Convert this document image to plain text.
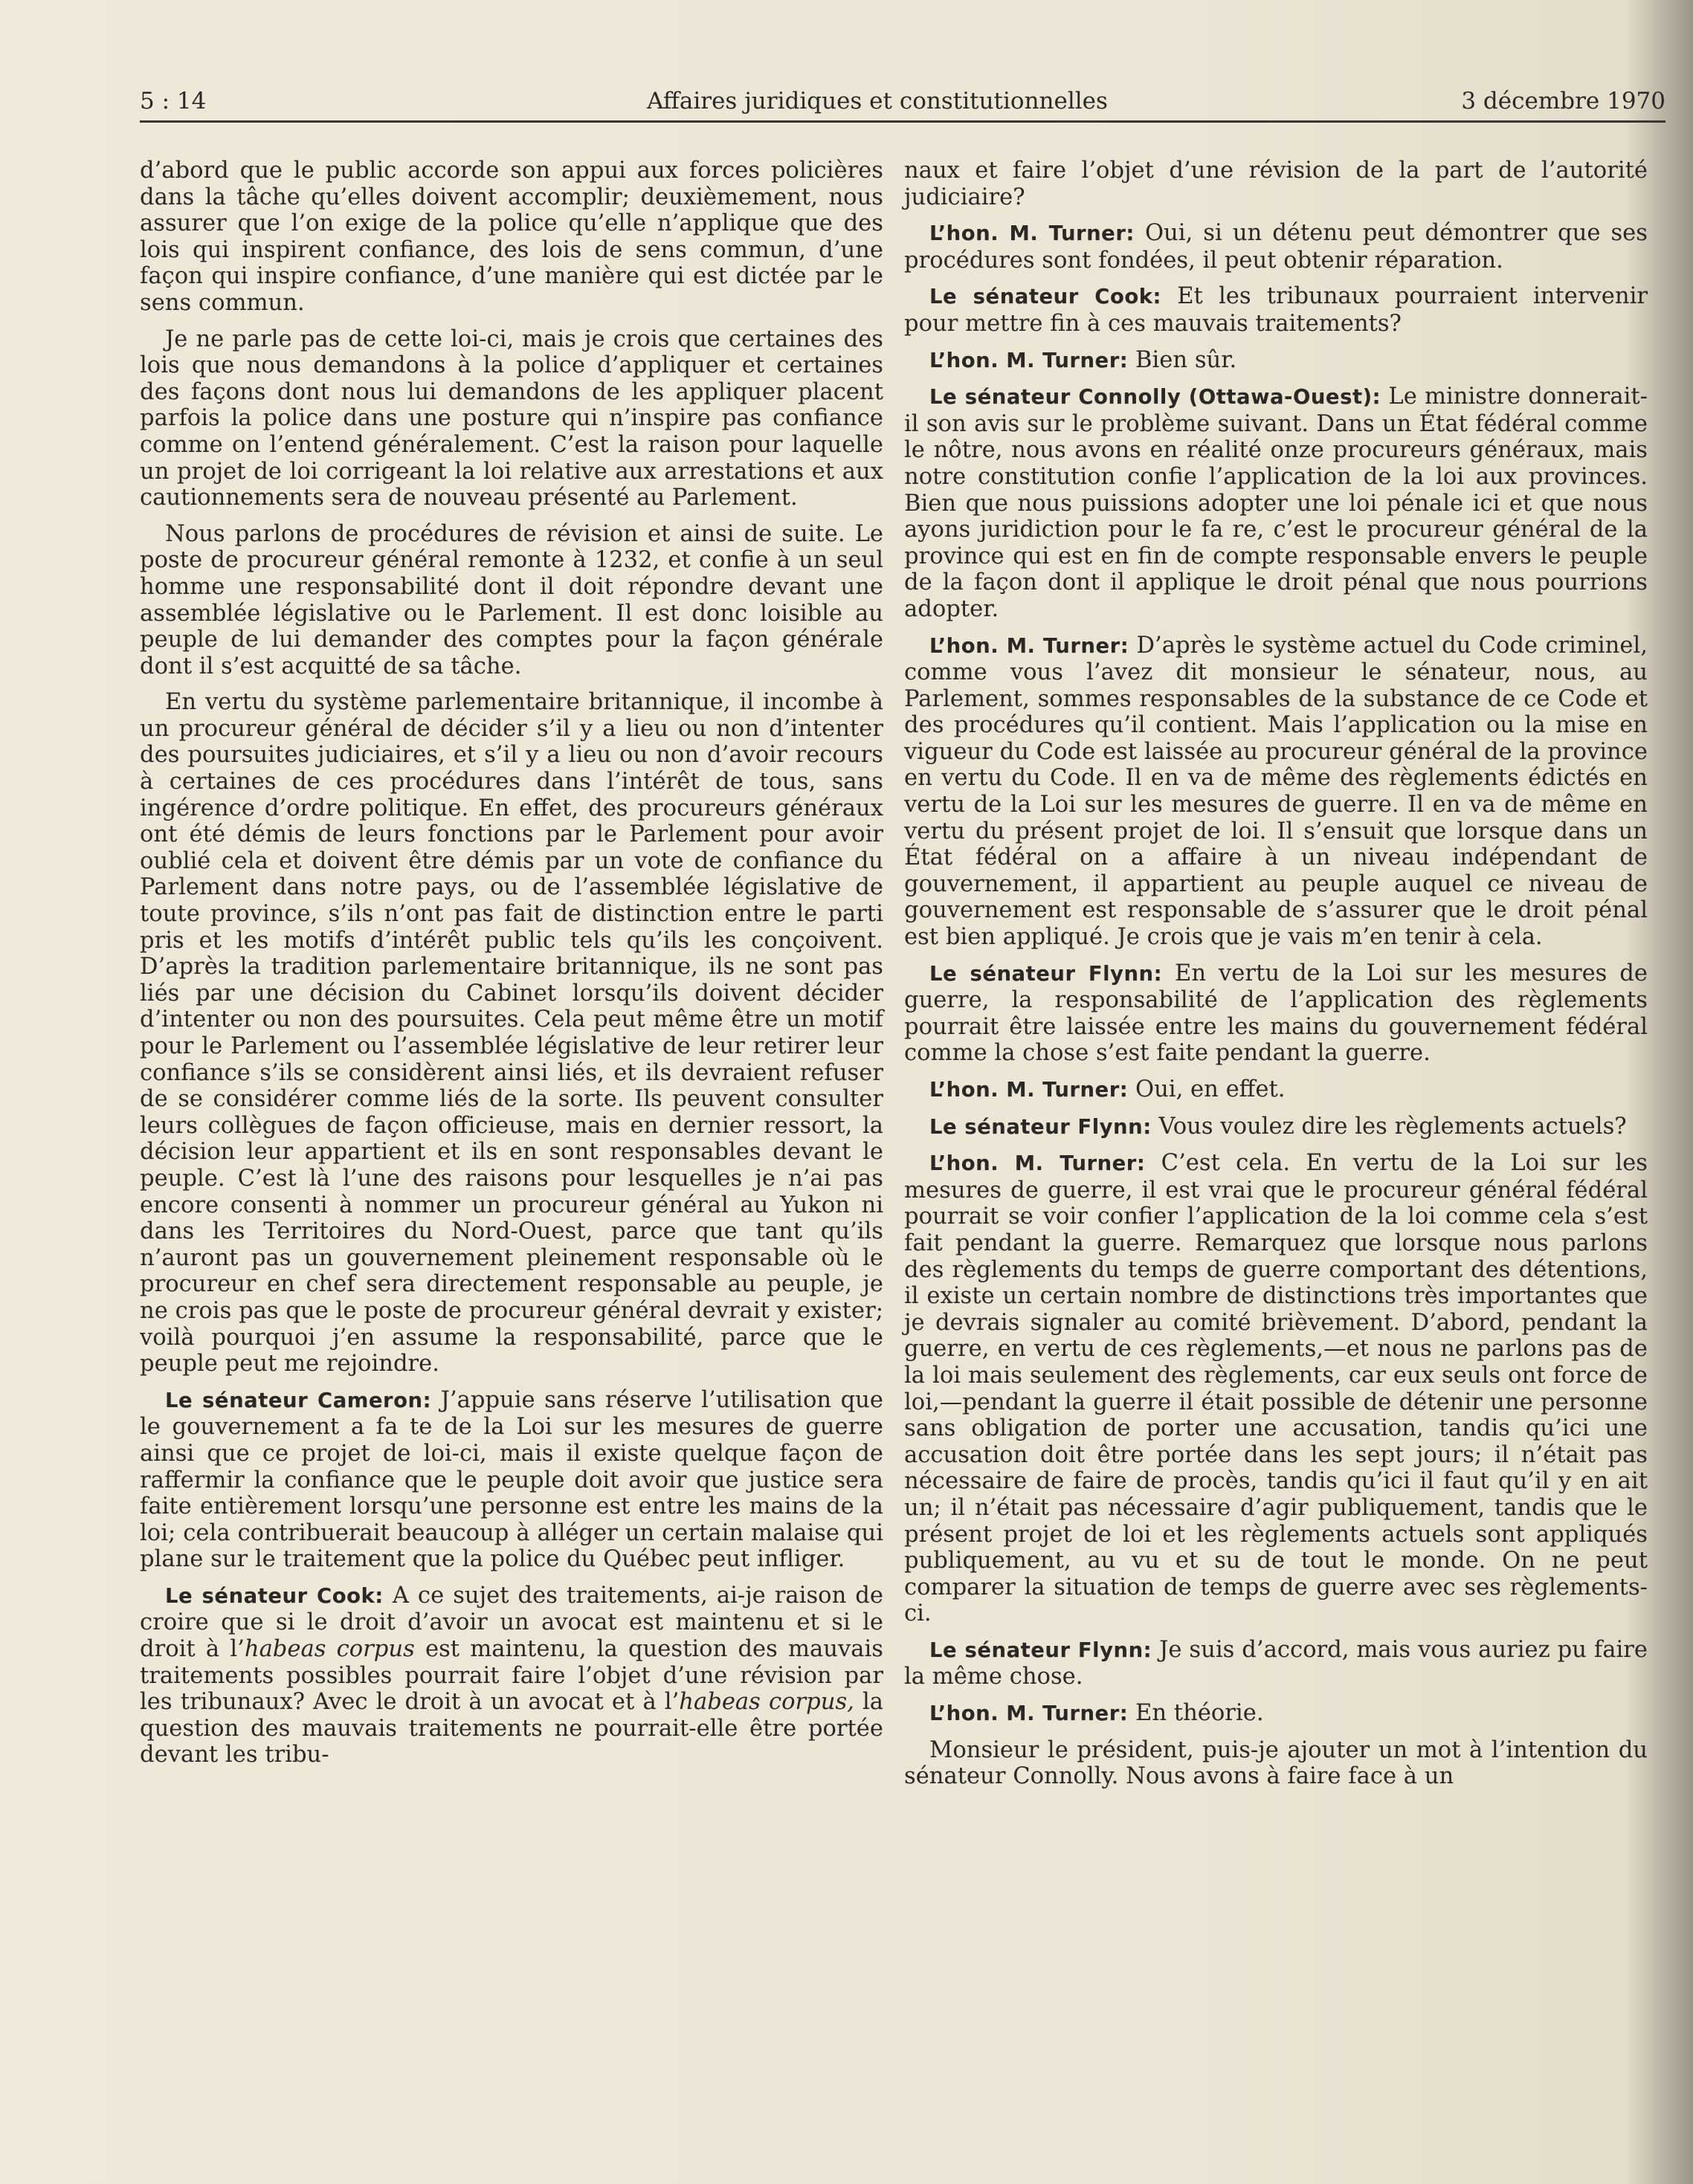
5 : 14	Affaires juridiques et constitutionnelles	3 décembre 1970

d’abord que le public accorde son appui aux forces policières dans la tâche qu’elles doivent accomplir; deuxièmement, nous assurer que l’on exige de la police qu’elle n’applique que des lois qui inspirent confiance, des lois de sens commun, d’une façon qui inspire confiance, d’une manière qui est dictée par le sens commun.

Je ne parle pas de cette loi-ci, mais je crois que certaines des lois que nous demandons à la police d’appliquer et certaines des façons dont nous lui demandons de les appliquer placent parfois la police dans une posture qui n’inspire pas confiance comme on l’entend généralement. C’est la raison pour laquelle un projet de loi corrigeant la loi relative aux arrestations et aux cautionnements sera de nouveau présenté au Parlement.

Nous parlons de procédures de révision et ainsi de suite. Le poste de procureur général remonte à 1232, et confie à un seul homme une responsabilité dont il doit répondre devant une assemblée législative ou le Parlement. Il est donc loisible au peuple de lui demander des comptes pour la façon générale dont il s’est acquitté de sa tâche.

En vertu du système parlementaire britannique, il incombe à un procureur général de décider s’il y a lieu ou non d’intenter des poursuites judiciaires, et s’il y a lieu ou non d’avoir recours à certaines de ces procédures dans l’intérêt de tous, sans ingérence d’ordre politique. En effet, des procureurs généraux ont été démis de leurs fonctions par le Parlement pour avoir oublié cela et doivent être démis par un vote de confiance du Parlement dans notre pays, ou de l’assemblée législative de toute province, s’ils n’ont pas fait de distinction entre le parti pris et les motifs d’intérêt public tels qu’ils les conçoivent. D’après la tradition parlementaire britannique, ils ne sont pas liés par une décision du Cabinet lorsqu’ils doivent décider d’intenter ou non des poursuites. Cela peut même être un motif pour le Parlement ou l’assemblée législative de leur retirer leur confiance s’ils se considèrent ainsi liés, et ils devraient refuser de se considérer comme liés de la sorte. Ils peuvent consulter leurs collègues de façon officieuse, mais en dernier ressort, la décision leur appartient et ils en sont responsables devant le peuple. C’est là l’une des raisons pour lesquelles je n’ai pas encore consenti à nommer un procureur général au Yukon ni dans les Territoires du Nord-Ouest, parce que tant qu’ils n’auront pas un gouvernement pleinement responsable où le procureur en chef sera directement responsable au peuple, je ne crois pas que le poste de procureur général devrait y exister; voilà pourquoi j’en assume la responsabilité, parce que le peuple peut me rejoindre.

Le sénateur Cameron: J’appuie sans réserve l’utilisation que le gouvernement a fa te de la Loi sur les mesures de guerre ainsi que ce projet de loi-ci, mais il existe quelque façon de raffermir la confiance que le peuple doit avoir que justice sera faite entièrement lorsqu’une personne est entre les mains de la loi; cela contribuerait beaucoup à alléger un certain malaise qui plane sur le traitement que la police du Québec peut infliger.

Le sénateur Cook: A ce sujet des traitements, ai-je raison de croire que si le droit d’avoir un avocat est maintenu et si le droit à l’habeas corpus est maintenu, la question des mauvais traitements possibles pourrait faire l’objet d’une révision par les tribunaux? Avec le droit à un avocat et à l’habeas corpus, la question des mauvais traitements ne pourrait-elle être portée devant les tribu-

naux et faire l’objet d’une révision de la part de l’autorité judiciaire?

L’hon. M. Turner: Oui, si un détenu peut démontrer que ses procédures sont fondées, il peut obtenir réparation.

Le sénateur Cook: Et les tribunaux pourraient intervenir pour mettre fin à ces mauvais traitements?

L’hon. M. Turner: Bien sûr.

Le sénateur Connolly (Ottawa-Ouest): Le ministre donnerait-il son avis sur le problème suivant. Dans un État fédéral comme le nôtre, nous avons en réalité onze procureurs généraux, mais notre constitution confie l’application de la loi aux provinces. Bien que nous puissions adopter une loi pénale ici et que nous ayons juridiction pour le fa re, c’est le procureur général de la province qui est en fin de compte responsable envers le peuple de la façon dont il applique le droit pénal que nous pourrions adopter.

L’hon. M. Turner: D’après le système actuel du Code criminel, comme vous l’avez dit monsieur le sénateur, nous, au Parlement, sommes responsables de la substance de ce Code et des procédures qu’il contient. Mais l’application ou la mise en vigueur du Code est laissée au procureur général de la province en vertu du Code. Il en va de même des règlements édictés en vertu de la Loi sur les mesures de guerre. Il en va de même en vertu du présent projet de loi. Il s’ensuit que lorsque dans un État fédéral on a affaire à un niveau indépendant de gouvernement, il appartient au peuple auquel ce niveau de gouvernement est responsable de s’assurer que le droit pénal est bien appliqué. Je crois que je vais m’en tenir à cela.

Le sénateur Flynn: En vertu de la Loi sur les mesures de guerre, la responsabilité de l’application des règlements pourrait être laissée entre les mains du gouvernement fédéral comme la chose s’est faite pendant la guerre.

L’hon. M. Turner: Oui, en effet.

Le sénateur Flynn: Vous voulez dire les règlements actuels?

L’hon. M. Turner: C’est cela. En vertu de la Loi sur les mesures de guerre, il est vrai que le procureur général fédéral pourrait se voir confier l’application de la loi comme cela s’est fait pendant la guerre. Remarquez que lorsque nous parlons des règlements du temps de guerre comportant des détentions, il existe un certain nombre de distinctions très importantes que je devrais signaler au comité brièvement. D’abord, pendant la guerre, en vertu de ces règlements,—et nous ne parlons pas de la loi mais seulement des règlements, car eux seuls ont force de loi,—pendant la guerre il était possible de détenir une personne sans obligation de porter une accusation, tandis qu’ici une accusation doit être portée dans les sept jours; il n’était pas nécessaire de faire de procès, tandis qu’ici il faut qu’il y en ait un; il n’était pas nécessaire d’agir publiquement, tandis que le présent projet de loi et les règlements actuels sont appliqués publiquement, au vu et su de tout le monde. On ne peut comparer la situation de temps de guerre avec ses règlements-ci.

Le sénateur Flynn: Je suis d’accord, mais vous auriez pu faire la même chose.

L’hon. M. Turner: En théorie.

Monsieur le président, puis-je ajouter un mot à l’intention du sénateur Connolly. Nous avons à faire face à un
